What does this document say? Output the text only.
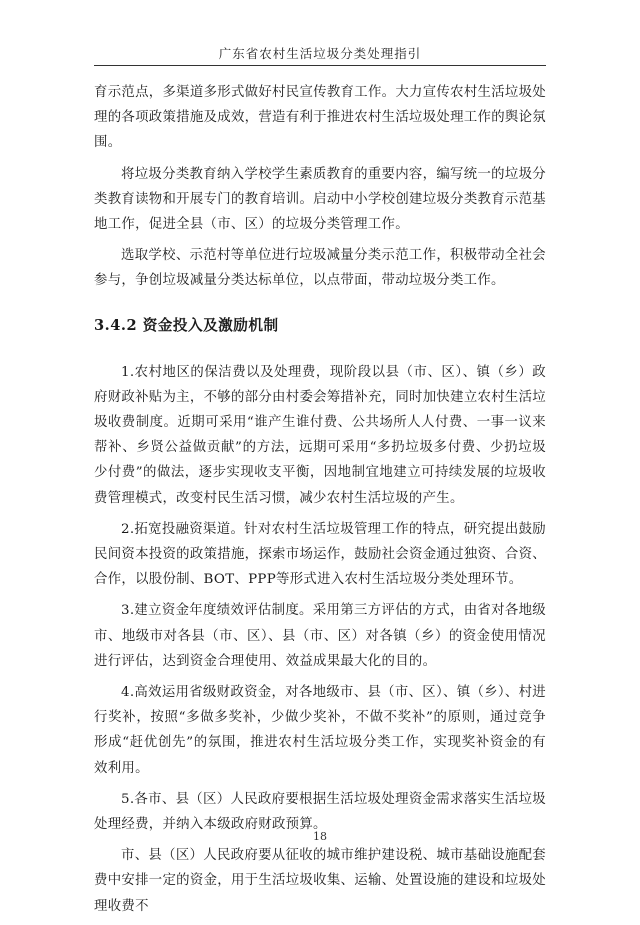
广东省农村生活垃圾分类处理指引

育示范点，多渠道多形式做好村民宣传教育工作。大力宣传农村生活垃圾处理的各项政策措施及成效，营造有利于推进农村生活垃圾处理工作的舆论氛围。

将垃圾分类教育纳入学校学生素质教育的重要内容，编写统一的垃圾分类教育读物和开展专门的教育培训。启动中小学校创建垃圾分类教育示范基地工作，促进全县（市、区）的垃圾分类管理工作。

选取学校、示范村等单位进行垃圾减量分类示范工作，积极带动全社会参与，争创垃圾减量分类达标单位，以点带面，带动垃圾分类工作。

3.4.2 资金投入及激励机制

1.农村地区的保洁费以及处理费，现阶段以县（市、区）、镇（乡）政府财政补贴为主，不够的部分由村委会筹措补充，同时加快建立农村生活垃圾收费制度。近期可采用“谁产生谁付费、公共场所人人付费、一事一议来帮补、乡贤公益做贡献”的方法，远期可采用“多扔垃圾多付费、少扔垃圾少付费”的做法，逐步实现收支平衡，因地制宜地建立可持续发展的垃圾收费管理模式，改变村民生活习惯，减少农村生活垃圾的产生。

2.拓宽投融资渠道。针对农村生活垃圾管理工作的特点，研究提出鼓励民间资本投资的政策措施，探索市场运作，鼓励社会资金通过独资、合资、合作，以股份制、BOT、PPP等形式进入农村生活垃圾分类处理环节。

3.建立资金年度绩效评估制度。采用第三方评估的方式，由省对各地级市、地级市对各县（市、区）、县（市、区）对各镇（乡）的资金使用情况进行评估，达到资金合理使用、效益成果最大化的目的。

4.高效运用省级财政资金，对各地级市、县（市、区）、镇（乡）、村进行奖补，按照“多做多奖补，少做少奖补，不做不奖补”的原则，通过竞争形成“赶优创先”的氛围，推进农村生活垃圾分类工作，实现奖补资金的有效利用。

5.各市、县（区）人民政府要根据生活垃圾处理资金需求落实生活垃圾处理经费，并纳入本级政府财政预算。

市、县（区）人民政府要从征收的城市维护建设税、城市基础设施配套费中安排一定的资金，用于生活垃圾收集、运输、处置设施的建设和垃圾处理收费不

18
